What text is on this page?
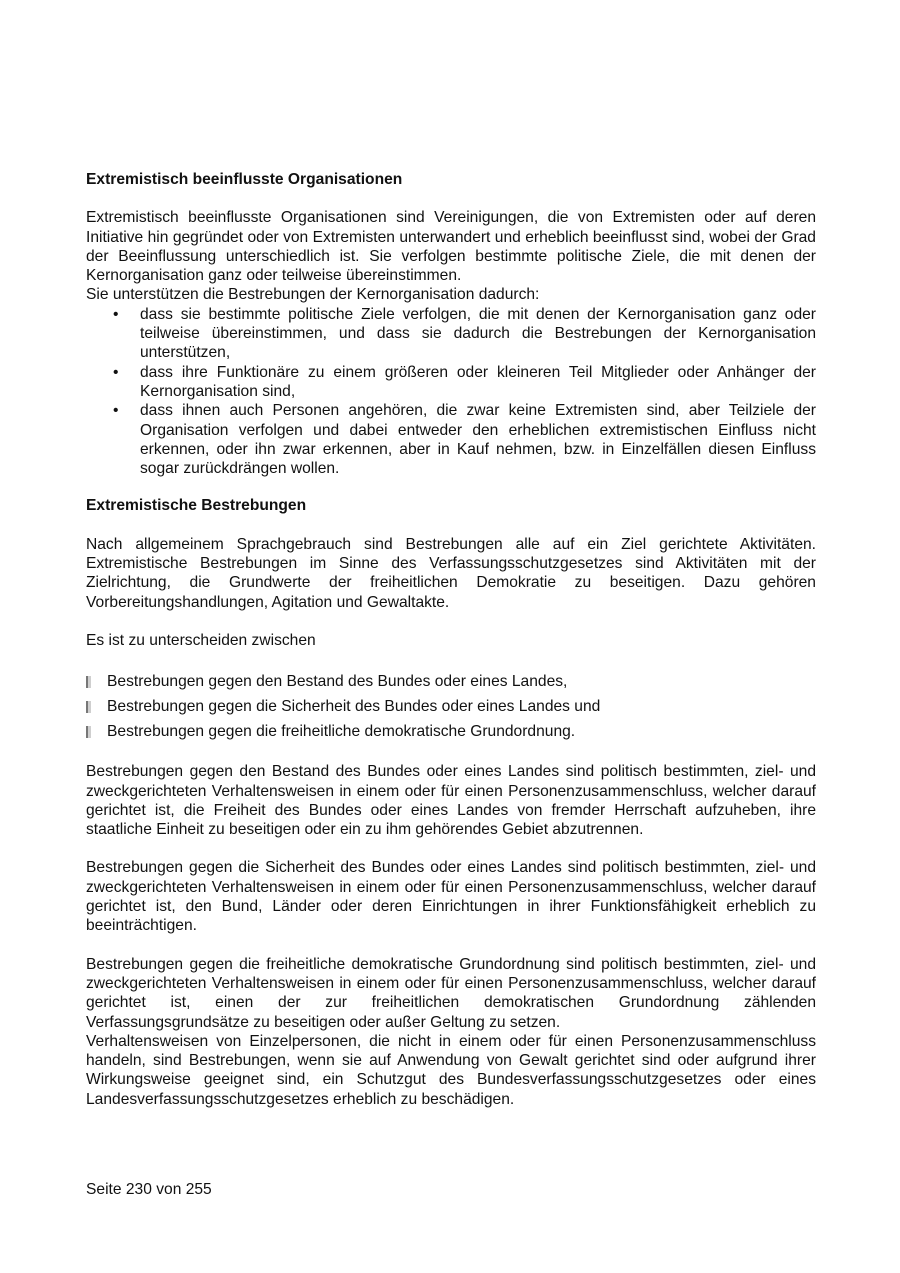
Extremistisch beeinflusste Organisationen

Extremistisch beeinflusste Organisationen sind Vereinigungen, die von Extremisten oder auf deren Initiative hin gegründet oder von Extremisten unterwandert und erheblich beeinflusst sind, wobei der Grad der Beeinflussung unterschiedlich ist. Sie verfolgen bestimmte politische Ziele, die mit denen der Kernorganisation ganz oder teilweise übereinstimmen.

Sie unterstützen die Bestrebungen der Kernorganisation dadurch:

• dass sie bestimmte politische Ziele verfolgen, die mit denen der Kernorganisation ganz oder teilweise übereinstimmen, und dass sie dadurch die Bestrebungen der Kernorganisation unterstützen,
• dass ihre Funktionäre zu einem größeren oder kleineren Teil Mitglieder oder Anhänger der Kernorganisation sind,
• dass ihnen auch Personen angehören, die zwar keine Extremisten sind, aber Teilziele der Organisation verfolgen und dabei entweder den erheblichen extremistischen Einfluss nicht erkennen, oder ihn zwar erkennen, aber in Kauf nehmen, bzw. in Einzelfällen diesen Einfluss sogar zurückdrängen wollen.

Extremistische Bestrebungen

Nach allgemeinem Sprachgebrauch sind Bestrebungen alle auf ein Ziel gerichtete Aktivitäten. Extremistische Bestrebungen im Sinne des Verfassungsschutzgesetzes sind Aktivitäten mit der Zielrichtung, die Grundwerte der freiheitlichen Demokratie zu beseitigen. Dazu gehören Vorbereitungshandlungen, Agitation und Gewaltakte.

Es ist zu unterscheiden zwischen

Bestrebungen gegen den Bestand des Bundes oder eines Landes,
Bestrebungen gegen die Sicherheit des Bundes oder eines Landes und
Bestrebungen gegen die freiheitliche demokratische Grundordnung.

Bestrebungen gegen den Bestand des Bundes oder eines Landes sind politisch bestimmten, ziel- und zweckgerichteten Verhaltensweisen in einem oder für einen Personenzusammenschluss, welcher darauf gerichtet ist, die Freiheit des Bundes oder eines Landes von fremder Herrschaft aufzuheben, ihre staatliche Einheit zu beseitigen oder ein zu ihm gehörendes Gebiet abzutrennen.

Bestrebungen gegen die Sicherheit des Bundes oder eines Landes sind politisch bestimmten, ziel- und zweckgerichteten Verhaltensweisen in einem oder für einen Personenzusammenschluss, welcher darauf gerichtet ist, den Bund, Länder oder deren Einrichtungen in ihrer Funktionsfähigkeit erheblich zu beeinträchtigen.

Bestrebungen gegen die freiheitliche demokratische Grundordnung sind politisch bestimmten, ziel- und zweckgerichteten Verhaltensweisen in einem oder für einen Personenzusammenschluss, welcher darauf gerichtet ist, einen der zur freiheitlichen demokratischen Grundordnung zählenden Verfassungsgrundsätze zu beseitigen oder außer Geltung zu setzen.

Verhaltensweisen von Einzelpersonen, die nicht in einem oder für einen Personenzusammenschluss handeln, sind Bestrebungen, wenn sie auf Anwendung von Gewalt gerichtet sind oder aufgrund ihrer Wirkungsweise geeignet sind, ein Schutzgut des Bundesverfassungsschutzgesetzes oder eines Landesverfassungsschutzgesetzes erheblich zu beschädigen.

Seite 230 von 255
